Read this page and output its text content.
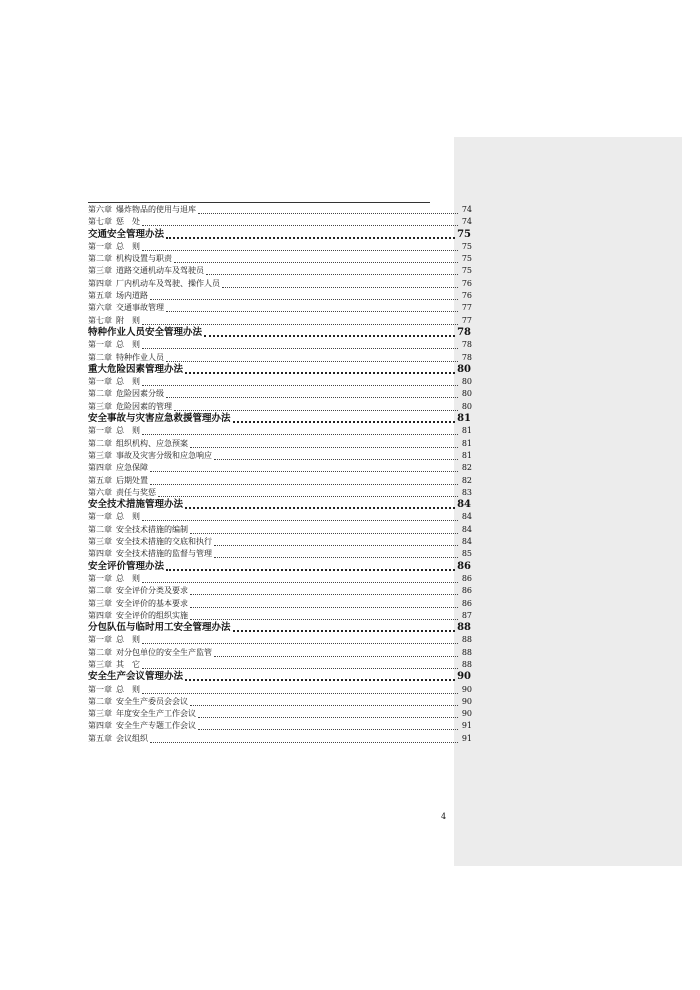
第六章  爆炸物品的使用与退库	74
第七章  惩　处	74
交通安全管理办法	75
第一章  总　则	75
第二章  机构设置与职责	75
第三章  道路交通机动车及驾驶员	75
第四章  厂内机动车及驾驶、操作人员	76
第五章  场内道路	76
第六章  交通事故管理	77
第七章  附　则	77
特种作业人员安全管理办法	78
第一章  总　则	78
第二章  特种作业人员	78
重大危险因素管理办法	80
第一章  总　则	80
第二章  危险因素分级	80
第三章  危险因素的管理	80
安全事故与灾害应急救援管理办法	81
第一章  总　则	81
第二章  组织机构、应急预案	81
第三章  事故及灾害分级和应急响应	81
第四章  应急保障	82
第五章  后期处置	82
第六章  责任与奖惩	83
安全技术措施管理办法	84
第一章  总　则	84
第二章  安全技术措施的编制	84
第三章  安全技术措施的交底和执行	84
第四章  安全技术措施的监督与管理	85
安全评价管理办法	86
第一章  总　则	86
第二章  安全评价分类及要求	86
第三章  安全评价的基本要求	86
第四章  安全评价的组织实施	87
分包队伍与临时用工安全管理办法	88
第一章  总　则	88
第二章  对分包单位的安全生产监管	88
第三章  其　它	88
安全生产会议管理办法	90
第一章  总　则	90
第二章  安全生产委员会会议	90
第三章  年度安全生产工作会议	90
第四章  安全生产专题工作会议	91
第五章  会议组织	91
4
